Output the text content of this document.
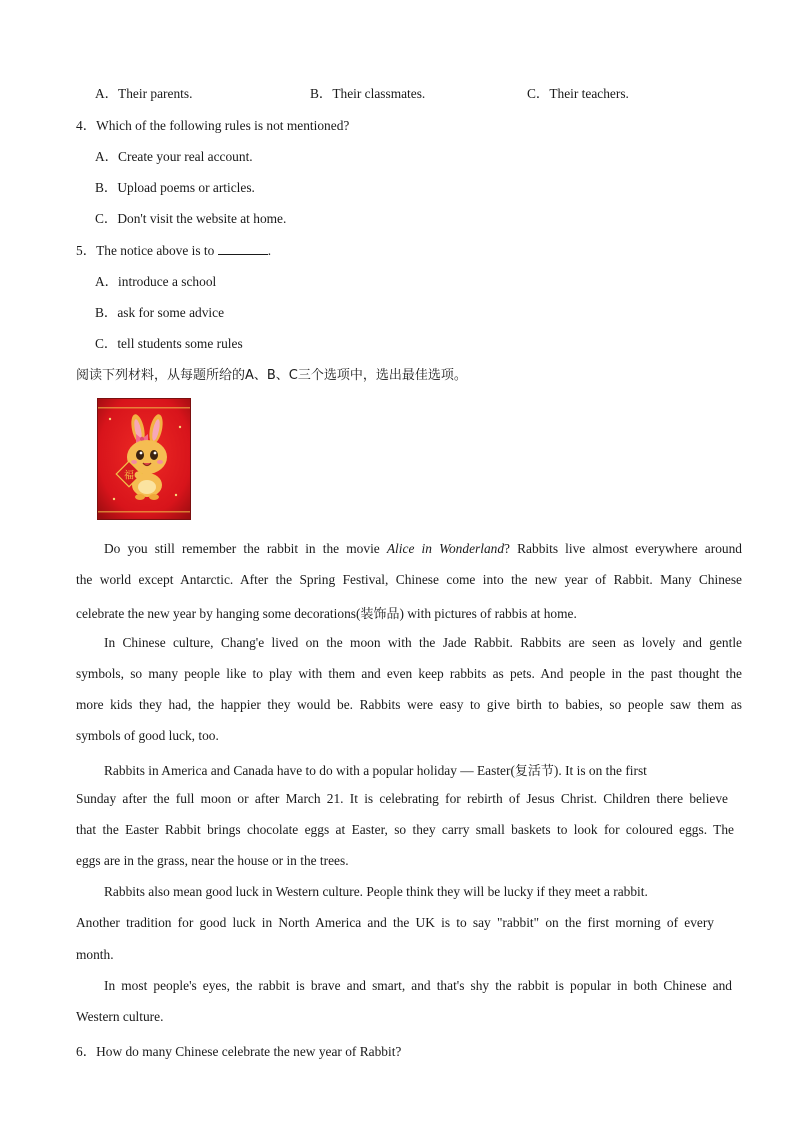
A．Their parents.	B．Their classmates.	C．Their teachers.
4．Which of the following rules is not mentioned?
A．Create your real account.
B．Upload poems or articles.
C．Don't visit the website at home.
5．The notice above is to	.
A．introduce a school
B．ask for some advice
C．tell students some rules
阅读下列材料，从每题所给的A、B、C三个选项中，选出最佳选项。
福
Do you still remember the rabbit in the movie Alice in Wonderland? Rabbits live almost everywhere around
the world except Antarctic. After the Spring Festival, Chinese come into the new year of Rabbit. Many Chinese
celebrate the new year by hanging some decorations(装饰品) with pictures of rabbis at home.
In Chinese culture, Chang'e lived on the moon with the Jade Rabbit. Rabbits are seen as lovely and gentle
symbols, so many people like to play with them and even keep rabbits as pets. And people in the past thought the
more kids they had, the happier they would be. Rabbits were easy to give birth to babies, so people saw them as
symbols of good luck, too.
Rabbits in America and Canada have to do with a popular holiday — Easter(复活节). It is on the first
Sunday after the full moon or after March 21. It is celebrating for rebirth of Jesus Christ. Children there believe
that the Easter Rabbit brings chocolate eggs at Easter, so they carry small baskets to look for coloured eggs. The
eggs are in the grass, near the house or in the trees.
Rabbits also mean good luck in Western culture. People think they will be lucky if they meet a rabbit.
Another tradition for good luck in North America and the UK is to say "rabbit" on the first morning of every
month.
In most people's eyes, the rabbit is brave and smart, and that's shy the rabbit is popular in both Chinese and
Western culture.
6．How do many Chinese celebrate the new year of Rabbit?
